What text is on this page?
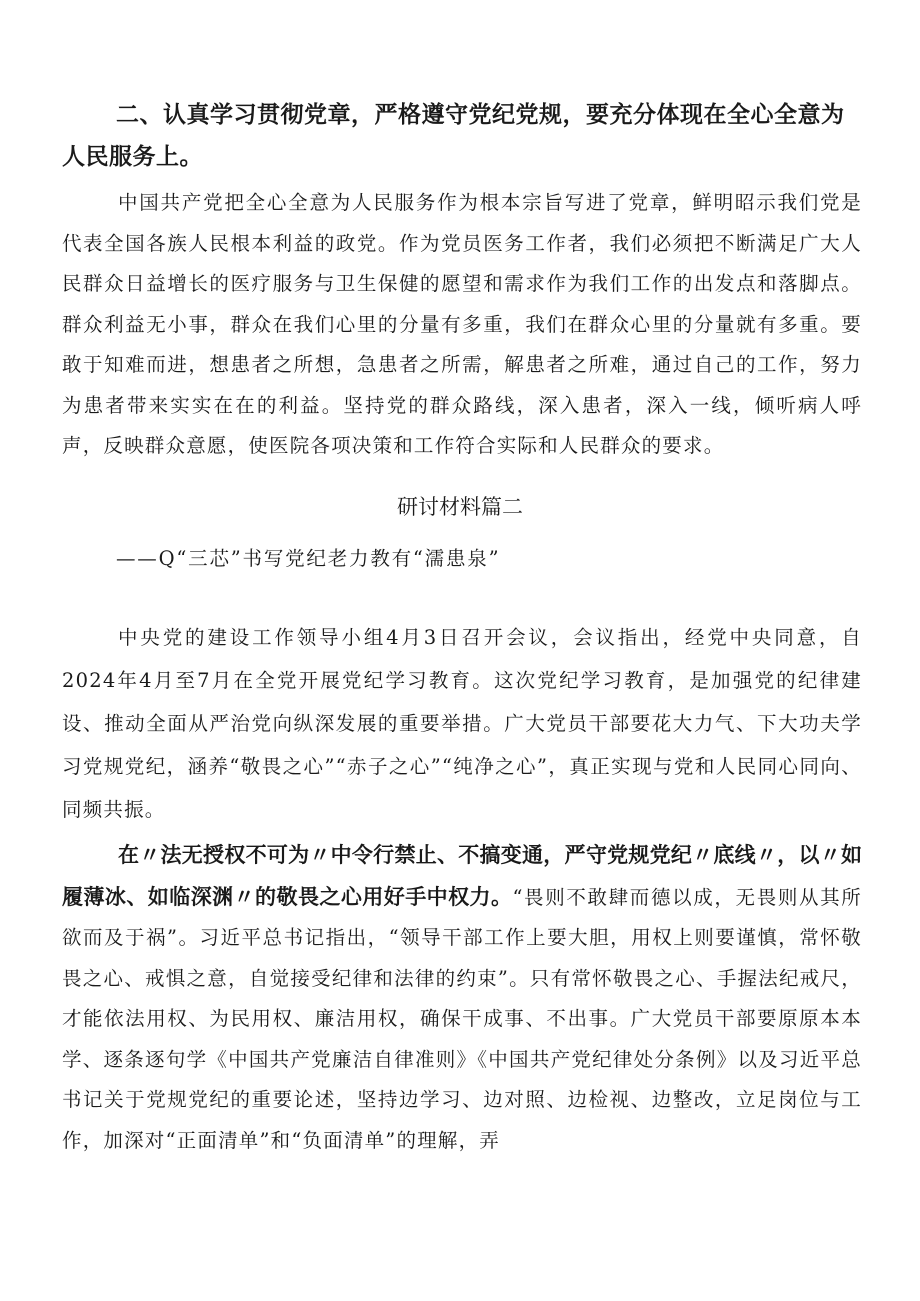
二、认真学习贯彻党章，严格遵守党纪党规，要充分体现在全心全意为人民服务上。
中国共产党把全心全意为人民服务作为根本宗旨写进了党章，鲜明昭示我们党是代表全国各族人民根本利益的政党。作为党员医务工作者，我们必须把不断满足广大人民群众日益增长的医疗服务与卫生保健的愿望和需求作为我们工作的出发点和落脚点。群众利益无小事，群众在我们心里的分量有多重，我们在群众心里的分量就有多重。要敢于知难而进，想患者之所想，急患者之所需，解患者之所难，通过自己的工作，努力为患者带来实实在在的利益。坚持党的群众路线，深入患者，深入一线，倾听病人呼声，反映群众意愿，使医院各项决策和工作符合实际和人民群众的要求。
研讨材料篇二
——Q“三芯”书写党纪老力教有“濡患泉”
中央党的建设工作领导小组4月3日召开会议，会议指出，经党中央同意，自2024年4月至7月在全党开展党纪学习教育。这次党纪学习教育，是加强党的纪律建设、推动全面从严治党向纵深发展的重要举措。广大党员干部要花大力气、下大功夫学习党规党纪，涵养“敬畏之心”“赤子之心”“纯净之心”，真正实现与党和人民同心同向、同频共振。
在〃法无授权不可为〃中令行禁止、不搞变通，严守党规党纪〃底线〃，以〃如履薄冰、如临深渊〃的敬畏之心用好手中权力。“畏则不敢肆而德以成，无畏则从其所欲而及于祸”。习近平总书记指出，“领导干部工作上要大胆，用权上则要谨慎，常怀敬畏之心、戒惧之意，自觉接受纪律和法律的约束”。只有常怀敬畏之心、手握法纪戒尺，才能依法用权、为民用权、廉洁用权，确保干成事、不出事。广大党员干部要原原本本学、逐条逐句学《中国共产党廉洁自律准则》《中国共产党纪律处分条例》以及习近平总书记关于党规党纪的重要论述，坚持边学习、边对照、边检视、边整改，立足岗位与工作，加深对“正面清单”和“负面清单”的理解，弄
